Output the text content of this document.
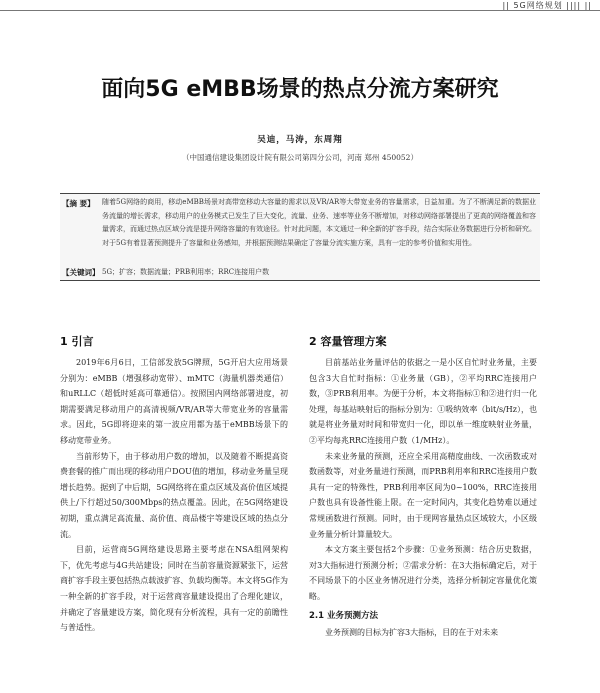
|| 5G网络规划 |||| ||
面向5G eMBB场景的热点分流方案研究
吴迪，马涛，东周翔
（中国通信建设集团设计院有限公司第四分公司，河南 郑州 450052）
【摘 要】 随着5G网络的商用，移动eMBB场景对高带宽移动大容量的需求以及VR/AR等大带宽业务的容量需求，日益加重。为了不断满足新的数据业务流量的增长需求，移动用户的业务模式已发生了巨大变化，流量、业务、速率等业务不断增加，对移动网络部署提出了更高的网络覆盖和容量需求，而通过热点区域分流是提升网络容量的有效途径。针对此问题，本文通过一种全新的扩容手段，结合实际业务数据进行分析和研究。对于5G有着显著预测提升了容量和业务感知，并根据预测结果确定了容量分流实施方案，具有一定的参考价值和实用性。
【关键词】 5G；扩容；数据流量；PRB利用率；RRC连接用户数
1 引言

2019年6月6日，工信部发放5G牌照，5G开启大应用场景分别为：eMBB（增强移动宽带）、mMTC（海量机器类通信）和uRLLC（超低时延高可靠通信）。按照国内网络部署进度，初期需要满足移动用户的高清视频/VR/AR等大带宽业务的容量需求。因此，5G即将迎来的第一波应用都为基于eMBB场景下的移动宽带业务。

当前形势下，由于移动用户数的增加，以及随着不断提高资费套餐的推广而出现的移动用户DOU值的增加，移动业务量呈现增长趋势。据到了中后期，5G网络将在重点区域及高价值区域提供上/下行超过50/300Mbps的热点覆盖。因此，在5G网络建设初期，重点满足高流量、高价值、商品楼宇等建设区域的热点分流。

目前，运营商5G网络建设思路主要考虑在NSA组网架构下，优先考虑与4G共站建设；同时在当前容量资源紧张下，运营商扩容手段主要包括热点载波扩容、负载均衡等。本文将5G作为一种全新的扩容手段，对于运营商容量建设提出了合理化建议，并确定了容量建设方案，简化现有分析流程，具有一定的前瞻性与普适性。

2 容量管理方案

目前基站业务量评估的依据之一是小区自忙时业务量，主要包含3大自忙时指标：①业务量（GB），②平均RRC连接用户数，③PRB利用率。为便于分析，本文将指标①和②进行归一化处理，每基站映射后的指标分别为：①吸纳效率（bit/s/Hz），也就是将业务量对时间和带宽归一化，即以单一维度映射业务量，②平均每兆RRC连接用户数（1/MHz）。

未来业务量的预测，还应全采用高精度曲线、一次函数或对数函数等，对业务量进行预测，而PRB利用率和RRC连接用户数具有一定的特殊性，PRB利用率区间为0~100%，RRC连接用户数也具有设备性能上限。在一定时间内，其变化趋势难以通过常规函数进行预测。同时，由于现网容量热点区域较大，小区级业务量分析计算量较大。

本文方案主要包括2个步骤：①业务预测：结合历史数据，对3大指标进行预测分析；②需求分析：在3大指标确定后，对于不同场景下的小区业务情况进行分类，选择分析制定容量优化策略。

2.1 业务预测方法

业务预测的目标为扩容3大指标，目的在于对未来
